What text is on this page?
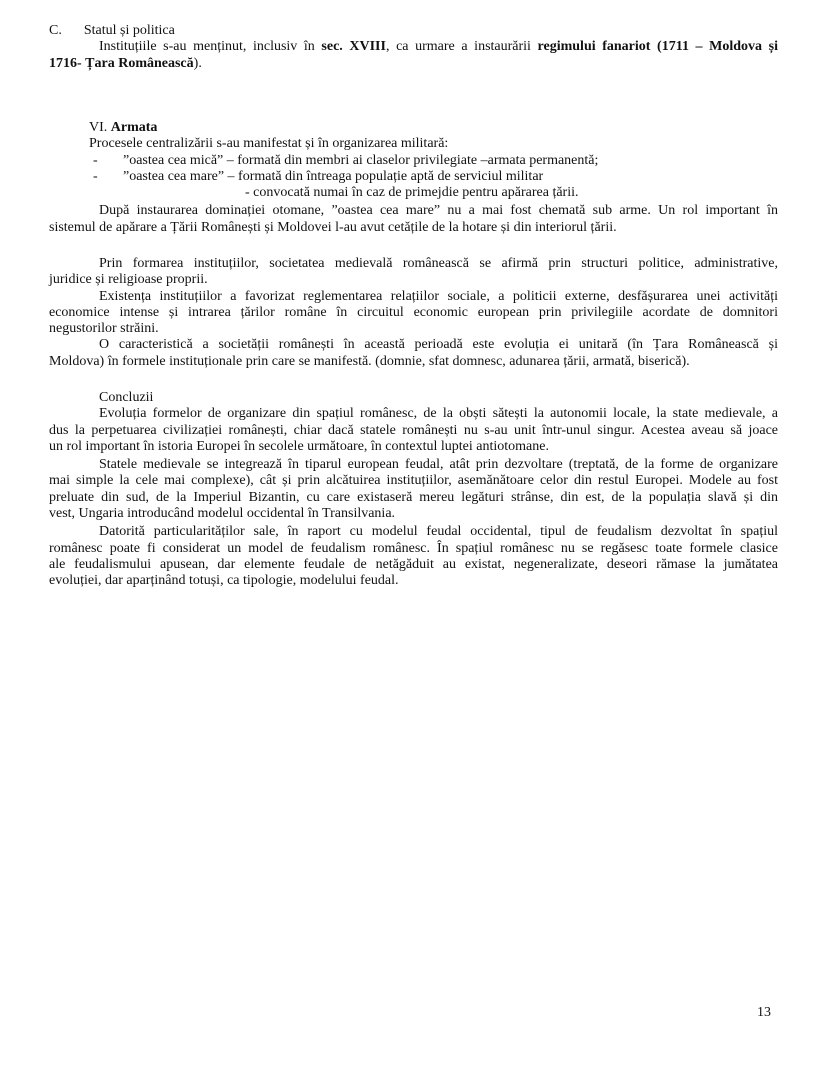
C. Statul și politica
Instituțiile s-au menținut, inclusiv în sec. XVIII, ca urmare a instaurării regimului fanariot (1711 – Moldova și
1716- Țara Românească).
VI. Armata
Procesele centralizării s-au manifestat și în organizarea militară:
- ”oastea cea mică” – formată din membri ai claselor privilegiate –armata permanentă;
- ”oastea cea mare” – formată din întreaga populație aptă de serviciul militar
- convocată numai în caz de primejdie pentru apărarea țării.
După instaurarea dominației otomane, ”oastea cea mare” nu a mai fost chemată sub arme. Un rol important în
sistemul de apărare a Țării Românești și Moldovei l-au avut cetățile de la hotare și din interiorul țării.
Prin formarea instituțiilor, societatea medievală românească se afirmă prin structuri politice, administrative,
juridice și religioase proprii.
Existența instituțiilor a favorizat reglementarea relațiilor sociale, a politicii externe, desfășurarea unei activități
economice intense și intrarea țărilor române în circuitul economic european prin privilegiile acordate de domnitori
negustorilor străini.
O caracteristică a societății românești în această perioadă este evoluția ei unitară (în Țara Românească și
Moldova) în formele instituționale prin care se manifestă. (domnie, sfat domnesc, adunarea țării, armată, biserică).
Concluzii
Evoluția formelor de organizare din spațiul românesc, de la obști sătești la autonomii locale, la state medievale, a
dus la perpetuarea civilizației românești, chiar dacă statele românești nu s-au unit într-unul singur. Acestea aveau să joace
un rol important în istoria Europei în secolele următoare, în contextul luptei antiotomane.
Statele medievale se integrează în tiparul european feudal, atât prin dezvoltare (treptată, de la forme de organizare
mai simple la cele mai complexe), cât și prin alcătuirea instituțiilor, asemănătoare celor din restul Europei. Modele au fost
preluate din sud, de la Imperiul Bizantin, cu care existaseră mereu legături strânse, din est, de la populația slavă și din
vest, Ungaria introducând modelul occidental în Transilvania.
Datorită particularităților sale, în raport cu modelul feudal occidental, tipul de feudalism dezvoltat în spațiul
românesc poate fi considerat un model de feudalism românesc. În spațiul românesc nu se regăsesc toate formele clasice
ale feudalismului apusean, dar elemente feudale de netăgăduit au existat, negeneralizate, deseori rămase la jumătatea
evoluției, dar aparținând totuși, ca tipologie, modelului feudal.
13
